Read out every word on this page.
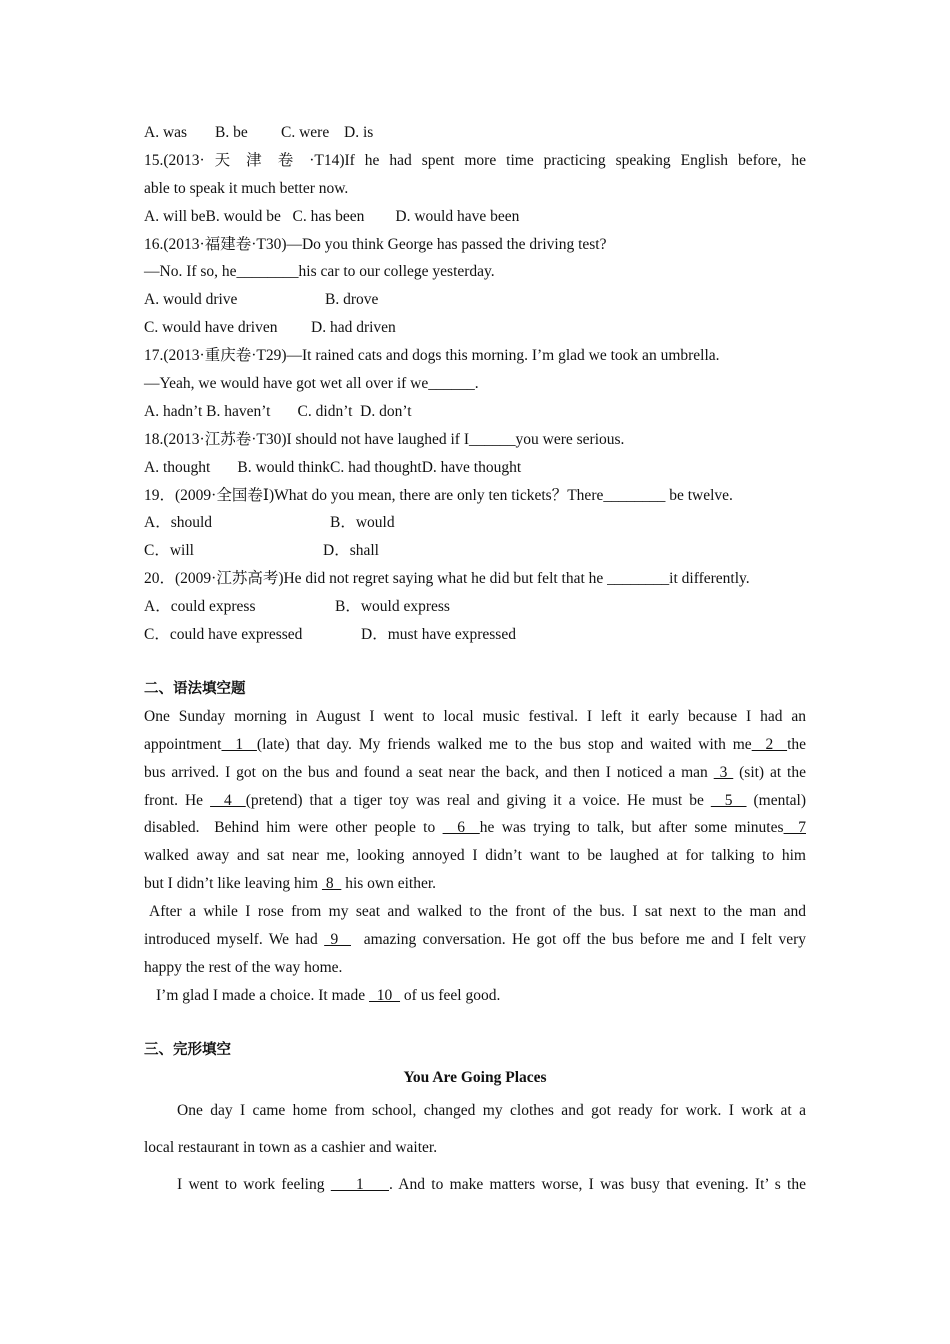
A. was B. be C. were D. is
15.(2013· 天 津 卷 ·T14)If he had spent more time practicing speaking English before, he
able to speak it much better now.
A. will beB. would be   C. has been        D. would have been
16.(2013·福建卷·T30)—Do you think George has passed the driving test?
—No. If so, he________his car to our college yesterday.
A. would drive	B. drove
C. would have driven D. had driven
17.(2013·重庆卷·T29)—It rained cats and dogs this morning. I’m glad we took an umbrella.
—Yeah, we would have got wet all over if we______.
A. hadn’t B. haven’t       C. didn’t  D. don’t
18.(2013·江苏卷·T30)I should not have laughed if I______you were serious.
A. thought       B. would thinkC. had thoughtD. have thought
19．(2009·全国卷Ⅰ)What do you mean, there are only ten tickets？There________ be twelve.
A．should	B．would
C．will	D．shall
20．(2009·江苏高考)He did not regret saying what he did but felt that he ________it differently.
A．could express	B．would express
C．could have expressed	D．must have expressed
二、语法填空题
One Sunday morning in August I went to local music festival. I left it early because I had an
appointment  1  (late) that day. My friends walked me to the bus stop and waited with me  2  the
bus arrived. I got on the bus and found a seat near the back, and then I noticed a man  3  (sit) at the
front. He   4  (pretend) that a tiger toy was real and giving it a voice. He must be   5   (mental)
disabled.  Behind him were other people to   6  he was trying to talk, but after some minutes  7
walked away and sat near me, looking annoyed I didn’t want to be laughed at for talking to him
but I didn’t like leaving him  8   his own either.
After a while I rose from my seat and walked to the front of the bus. I sat next to the man and
introduced myself. We had  9    amazing conversation. He got off the bus before me and I felt very
happy the rest of the way home.
I’m glad I made a choice. It made   10   of us feel good.
三、完形填空
You Are Going Places
One day I came home from school, changed my clothes and got ready for work. I work at a
local restaurant in town as a cashier and waiter.
I went to work feeling     1    . And to make matters worse, I was busy that evening. It’ s the
